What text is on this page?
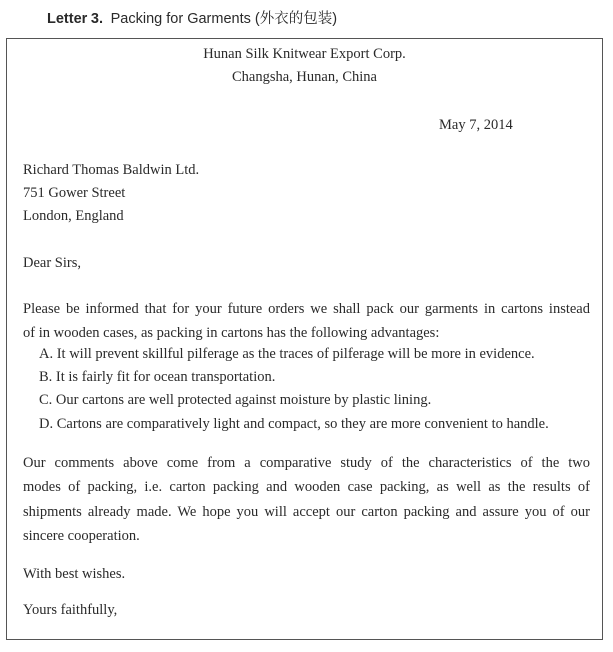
Letter 3. Packing for Garments (外衣的包装)
Hunan Silk Knitwear Export Corp.
Changsha, Hunan, China
May 7, 2014
Richard Thomas Baldwin Ltd.
751 Gower Street
London, England
Dear Sirs,
Please be informed that for your future orders we shall pack our garments in cartons instead
of in wooden cases, as packing in cartons has the following advantages:
A. It will prevent skillful pilferage as the traces of pilferage will be more in evidence.
B. It is fairly fit for ocean transportation.
C. Our cartons are well protected against moisture by plastic lining.
D. Cartons are comparatively light and compact, so they are more convenient to handle.
Our comments above come from a comparative study of the characteristics of the two
modes of packing, i.e. carton packing and wooden case packing, as well as the results of
shipments already made. We hope you will accept our carton packing and assure you of our
sincere cooperation.
With best wishes.
Yours faithfully,
